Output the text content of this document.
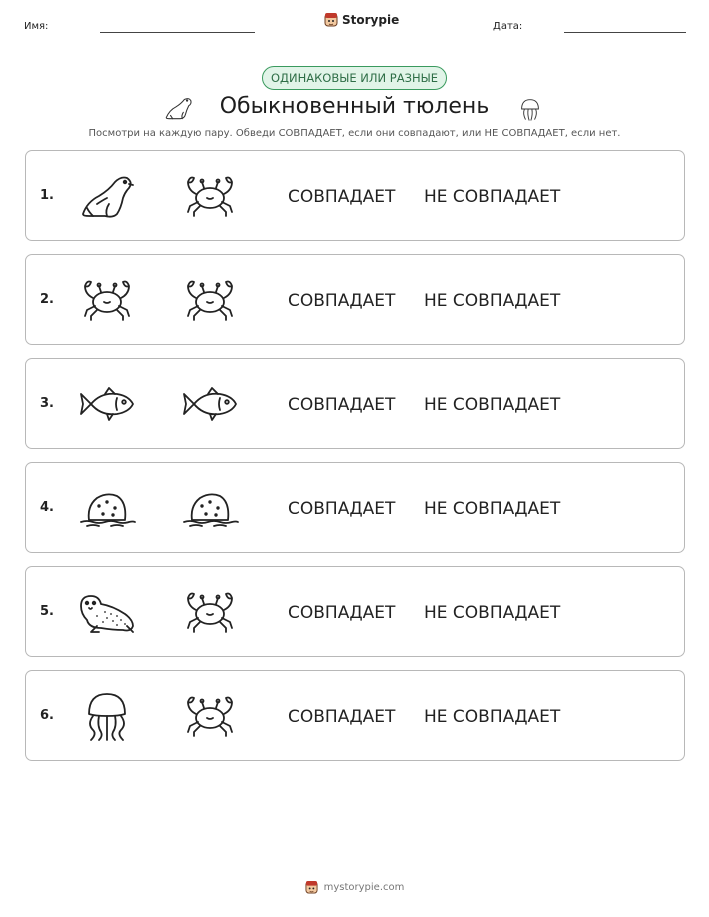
Имя:	Storypie	Дата:
ОДИНАКОВЫЕ ИЛИ РАЗНЫЕ
Обыкновенный тюлень
Посмотри на каждую пару. Обведи СОВПАДАЕТ, если они совпадают, или НЕ СОВПАДАЕТ, если нет.
1.	СОВПАДАЕТ НЕ СОВПАДАЕТ
2.	СОВПАДАЕТ НЕ СОВПАДАЕТ
3.	СОВПАДАЕТ НЕ СОВПАДАЕТ
4.	СОВПАДАЕТ НЕ СОВПАДАЕТ
5.	СОВПАДАЕТ НЕ СОВПАДАЕТ
6.	СОВПАДАЕТ НЕ СОВПАДАЕТ
mystorypie.com
